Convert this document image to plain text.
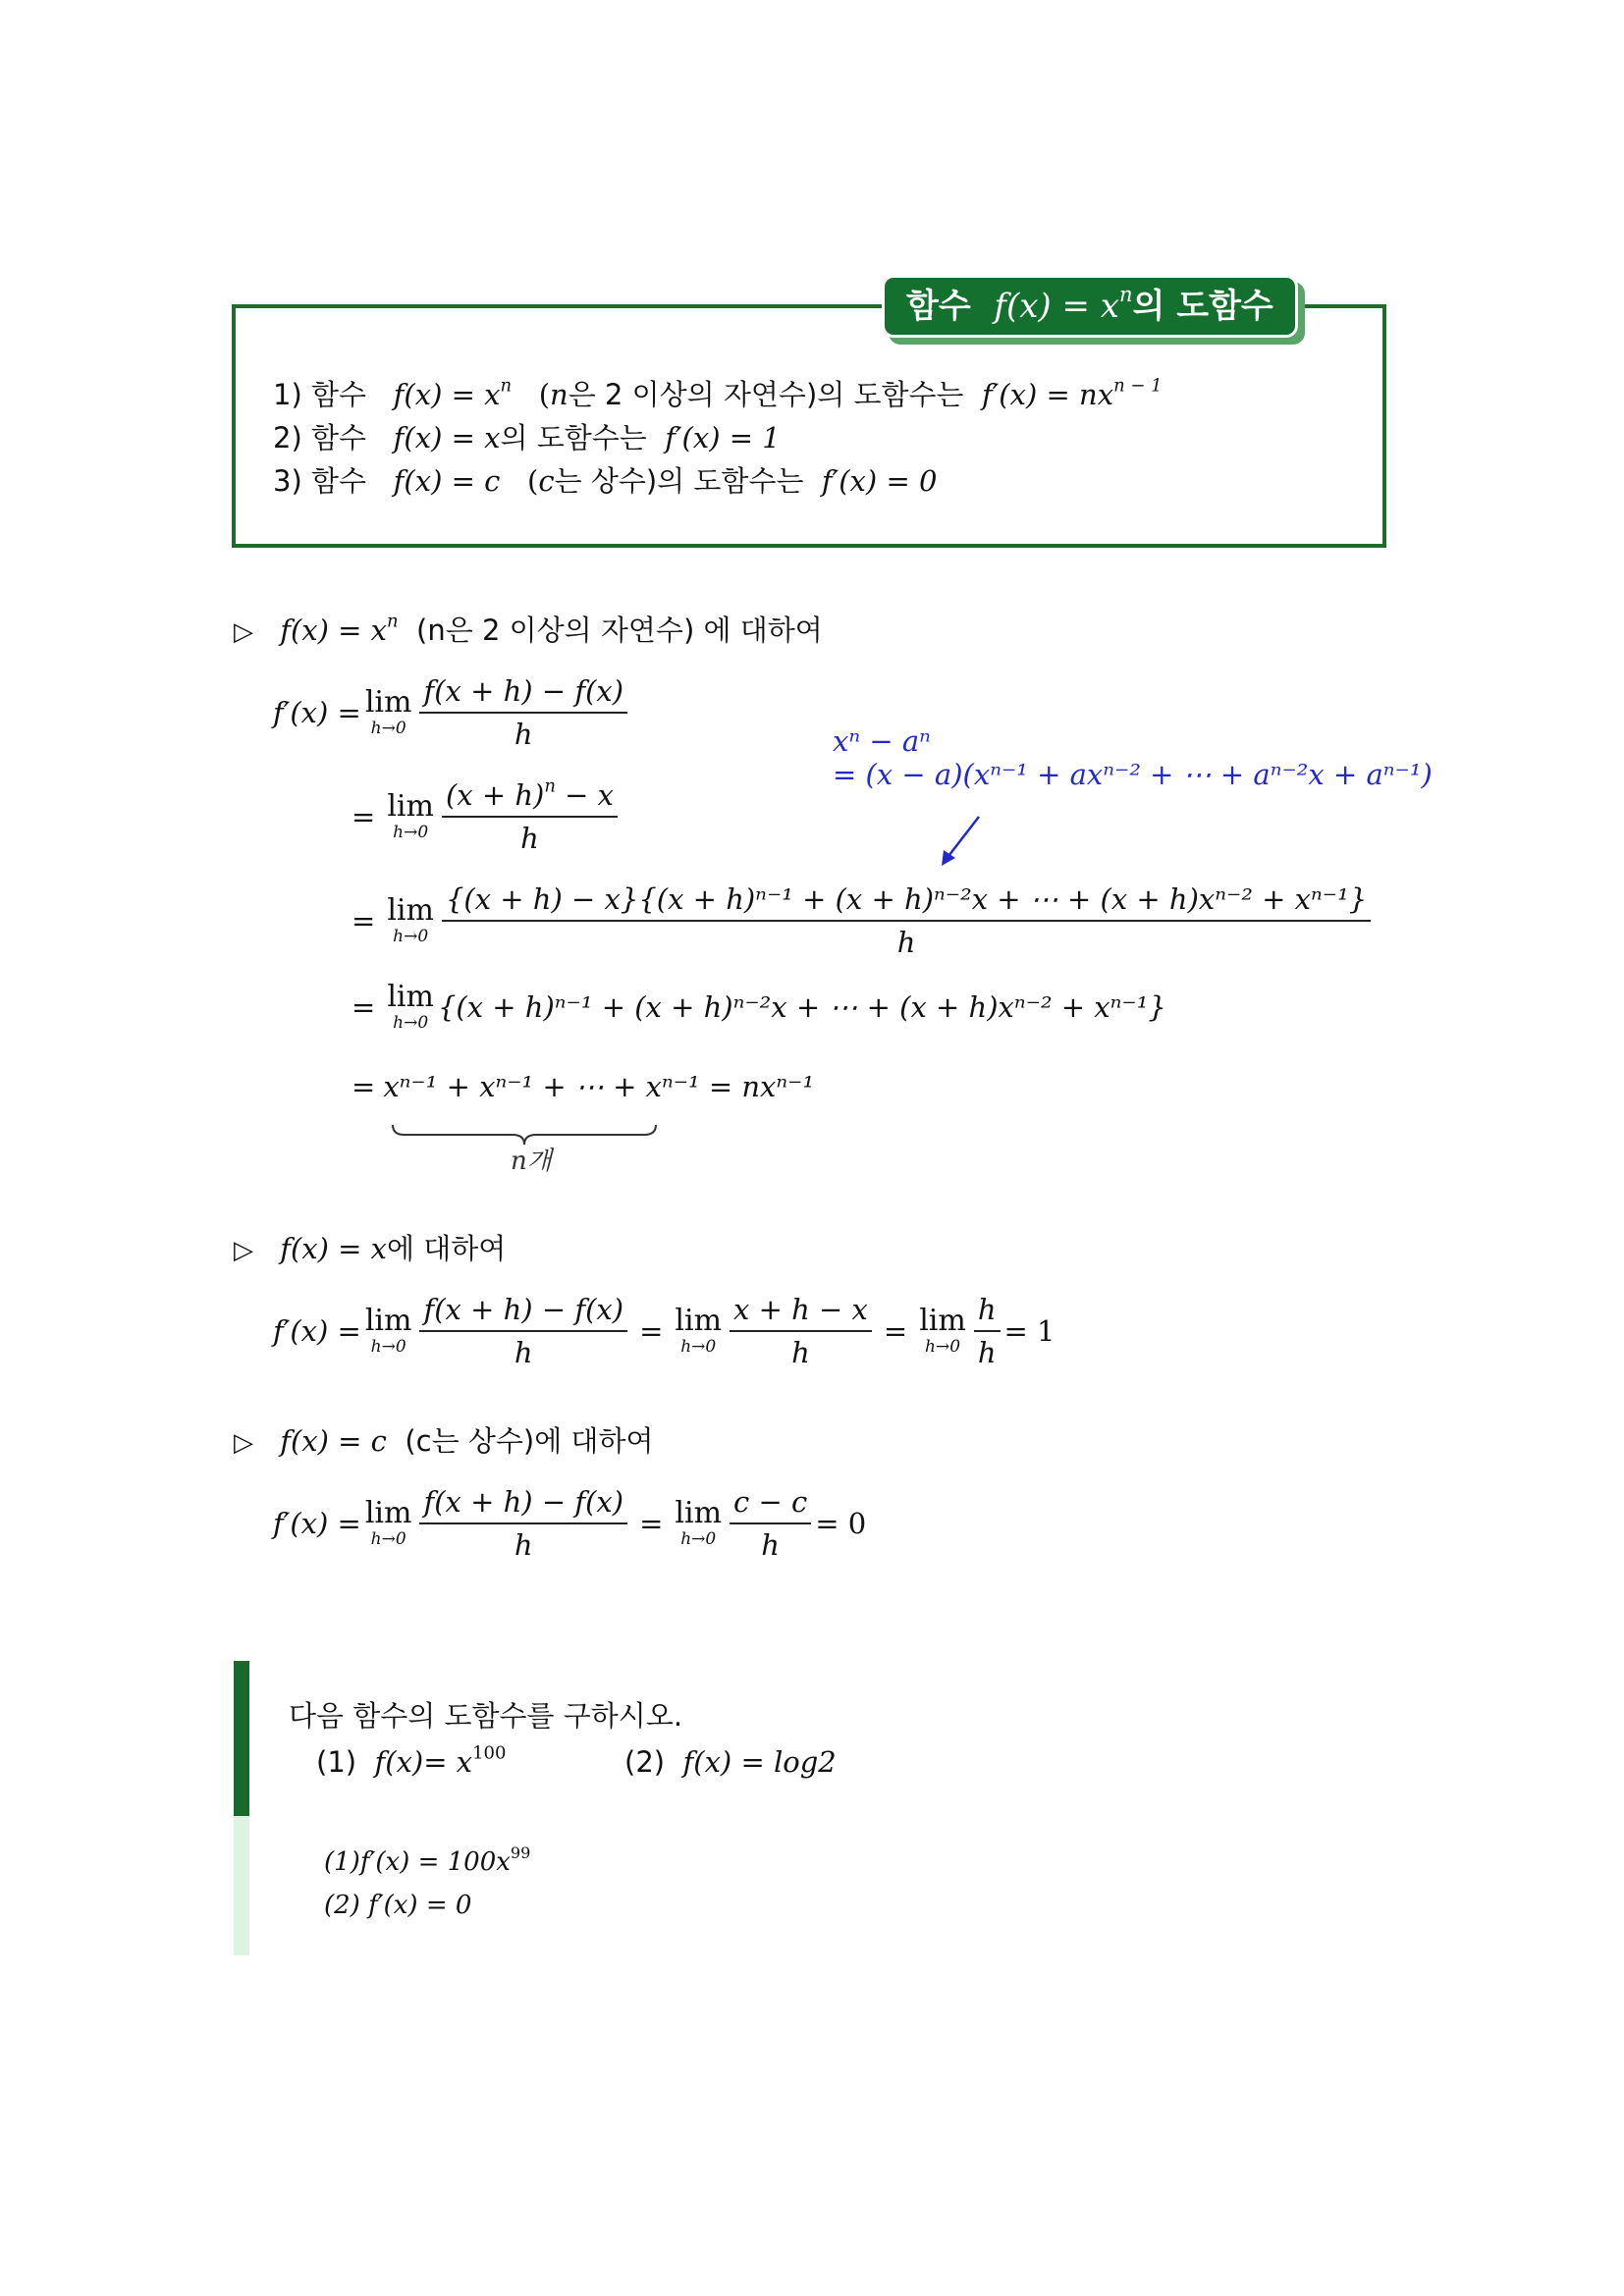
함수 $f(x) = x^n$의 도함수
1) 함수 $f(x) = x^n$ (n은 2 이상의 자연수)의 도함수는 $f'(x) = nx^{n - 1}$
2) 함수 f(x) = x의 도함수는 f′(x) = 1
3) 함수 f(x) = c (c는 상수)의 도함수는 f′(x) = 0
▷ $f(x) = x^n$ (n은 2 이상의 자연수) 에 대하여
f′(x) = lim
$h\to 0 \frac{f(x + h) - f(x)}{h}$	xⁿ − aⁿ
= (x − a)(xⁿ⁻¹ + axⁿ⁻² + ⋯ + aⁿ⁻²x + aⁿ⁻¹)
= lim
$h\to 0 \frac{(x + h)^n - x}{h}$
= lim
h→0
{(x + h) − x}{(x + h)ⁿ⁻¹ + (x + h)ⁿ⁻²x + ⋯ + (x + h)xⁿ⁻² + xⁿ⁻¹}
h
= lim
h→0 {(x + h)ⁿ⁻¹ + (x + h)ⁿ⁻²x + ⋯ + (x + h)xⁿ⁻² + xⁿ⁻¹}
= xⁿ⁻¹ + xⁿ⁻¹ + ⋯ + xⁿ⁻¹ = nxⁿ⁻¹
n개
▷ f(x) = x에 대하여
f′(x) = lim
$h\to 0 \frac{f(x + h) - f(x)}{h} = \lim$
$h\to 0 \frac{x + h - x}{h} = \lim$
$h\to 0 \frac{h}{h} = 1$
▷ f(x) = c (c는 상수)에 대하여
f′(x) = lim
$h\to 0 \frac{f(x + h) - f(x)}{h} = \lim$
$h\to 0 \frac{c - c}{h} = 0$
다음 함수의 도함수를 구하시오.
(1) $f(x)= x^{100}$	(2) f(x) = log2
$(1)f'(x) = 100x^{99}$
(2) f′(x) = 0
